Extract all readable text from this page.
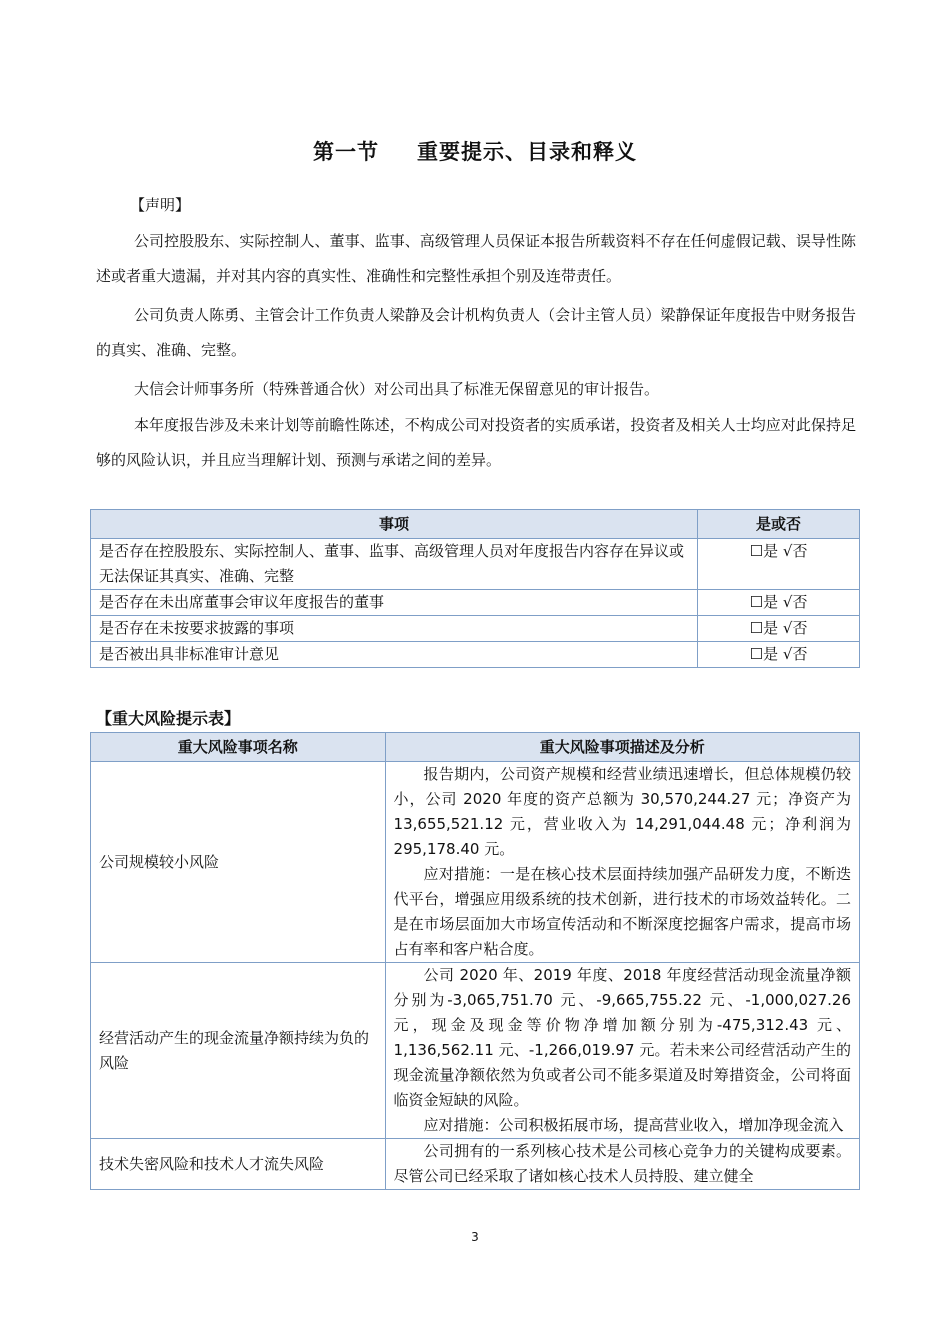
第一节 重要提示、目录和释义
【声明】
公司控股股东、实际控制人、董事、监事、高级管理人员保证本报告所载资料不存在任何虚假记载、误导性陈述或者重大遗漏，并对其内容的真实性、准确性和完整性承担个别及连带责任。
公司负责人陈勇、主管会计工作负责人梁静及会计机构负责人（会计主管人员）梁静保证年度报告中财务报告的真实、准确、完整。
大信会计师事务所（特殊普通合伙）对公司出具了标准无保留意见的审计报告。
本年度报告涉及未来计划等前瞻性陈述，不构成公司对投资者的实质承诺，投资者及相关人士均应对此保持足够的风险认识，并且应当理解计划、预测与承诺之间的差异。
事项	是或否
是否存在控股股东、实际控制人、董事、监事、高级管理人员对年度报告内容存在异议或无法保证其真实、准确、完整	☐是 √否
是否存在未出席董事会审议年度报告的董事	☐是 √否
是否存在未按要求披露的事项	☐是 √否
是否被出具非标准审计意见	☐是 √否
【重大风险提示表】
重大风险事项名称	重大风险事项描述及分析
公司规模较小风险	报告期内，公司资产规模和经营业绩迅速增长，但总体规模仍较小，公司 2020 年度的资产总额为 30,570,244.27 元；净资产为 13,655,521.12 元，营业收入为 14,291,044.48 元；净利润为 295,178.40 元。

应对措施：一是在核心技术层面持续加强产品研发力度，不断迭代平台，增强应用级系统的技术创新，进行技术的市场效益转化。二是在市场层面加大市场宣传活动和不断深度挖掘客户需求，提高市场占有率和客户粘合度。

经营活动产生的现金流量净额持续为负的风险	公司 2020 年、2019 年度、2018 年度经营活动现金流量净额分别为-3,065,751.70 元、-9,665,755.22 元、-1,000,027.26 元，现金及现金等价物净增加额分别为-475,312.43 元、1,136,562.11 元、-1,266,019.97 元。若未来公司经营活动产生的现金流量净额依然为负或者公司不能多渠道及时筹措资金，公司将面临资金短缺的风险。

应对措施：公司积极拓展市场，提高营业收入，增加净现金流入

技术失密风险和技术人才流失风险	公司拥有的一系列核心技术是公司核心竞争力的关键构成要素。尽管公司已经采取了诸如核心技术人员持股、建立健全

3
